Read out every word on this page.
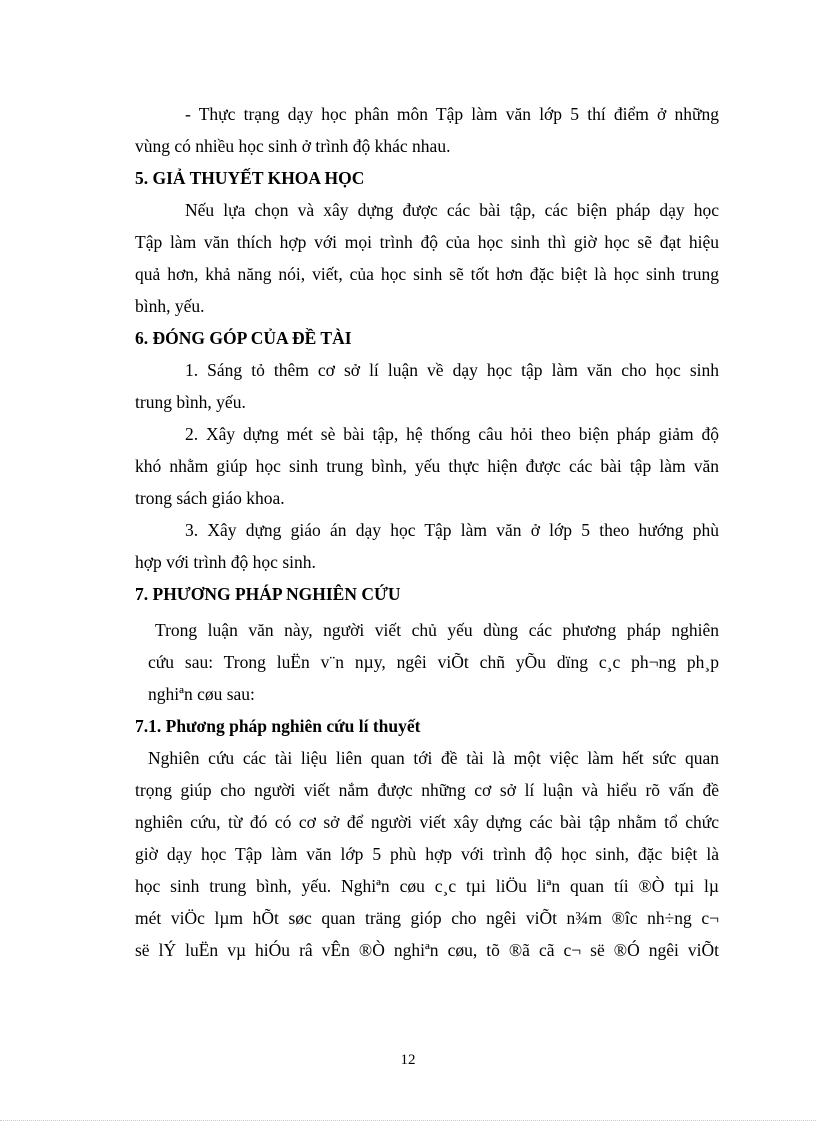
- Thực trạng dạy học phân môn Tập làm văn lớp 5 thí điểm ở những
vùng có nhiều học sinh ở trình độ khác nhau.
5. GIẢ THUYẾT KHOA HỌC
Nếu lựa chọn và xây dựng được các bài tập, các biện pháp dạy học
Tập làm văn thích hợp với mọi trình độ của học sinh thì giờ học sẽ đạt hiệu
quả hơn, khả năng nói, viết, của học sinh sẽ tốt hơn đặc biệt là học sinh trung
bình, yếu.
6. ĐÓNG GÓP CỦA ĐỀ TÀI
1. Sáng tỏ thêm cơ sở lí luận về dạy học tập làm văn cho học sinh
trung bình, yếu.
2. Xây dựng mét sè bài tập, hệ thống câu hỏi theo biện pháp giảm độ
khó nhằm giúp học sinh trung bình, yếu thực hiện được các bài tập làm văn
trong sách giáo khoa.
3. Xây dựng giáo án dạy học Tập làm văn ở lớp 5 theo hướng phù
hợp với trình độ học sinh.
7. PHƯƠNG PHÁP NGHIÊN CỨU
Trong luận văn này, người viết chủ yếu dùng các phương pháp nghiên
cứu sau: Trong luËn v¨n nµy, ngêi viÕt chñ yÕu dïng c¸c ph¬ng ph¸p
nghiªn cøu sau:
7.1. Phương pháp nghiên cứu lí thuyết
Nghiên cứu các tài liệu liên quan tới đề tài là một việc làm hết sức quan
trọng giúp cho người viết nắm được những cơ sở lí luận và hiểu rõ vấn đề
nghiên cứu, từ đó có cơ sở để người viết xây dựng các bài tập nhằm tổ chức
giờ dạy học Tập làm văn lớp 5 phù hợp với trình độ học sinh, đặc biệt là
học sinh trung bình, yếu. Nghiªn cøu c¸c tµi liÖu liªn quan tíi ®Ò tµi lµ
mét viÖc lµm hÕt søc quan träng gióp cho ngêi viÕt n¾m ®îc nh÷ng c¬
së lÝ luËn vµ hiÓu râ vÊn ®Ò nghiªn cøu, tõ ®ã cã c¬ së ®Ó ngêi viÕt
12
